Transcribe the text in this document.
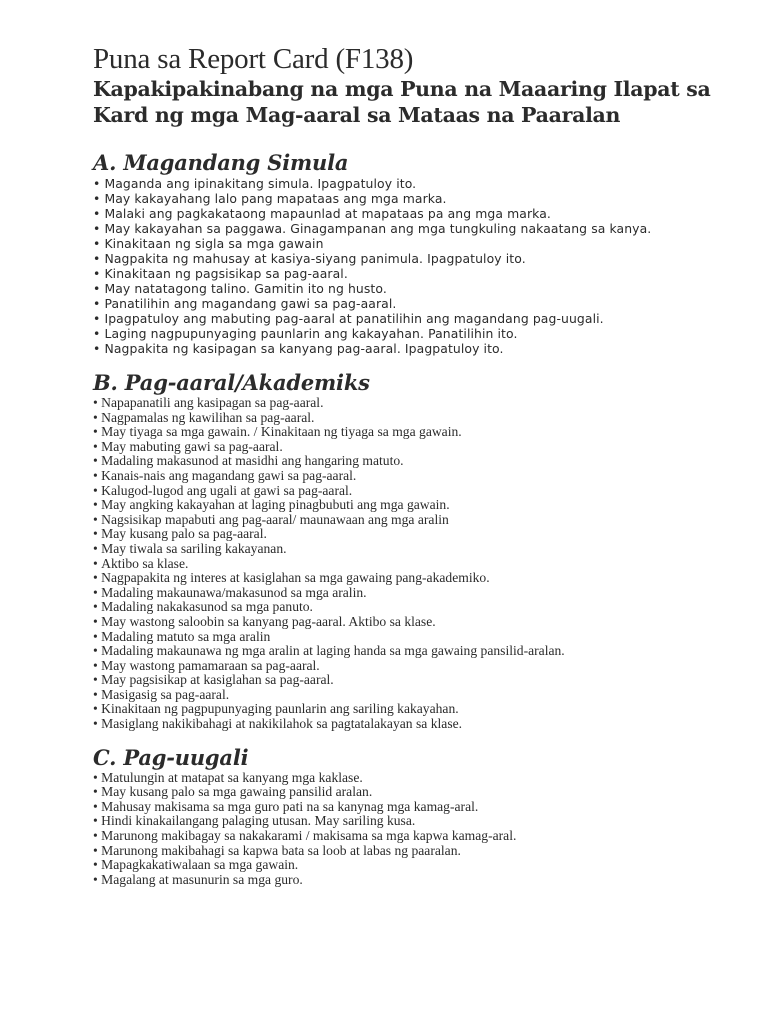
Puna sa Report Card (F138)
Kapakipakinabang na mga Puna na Maaaring Ilapat sa Kard ng mga Mag-aaral sa Mataas na Paaralan
A. Magandang Simula
• Maganda ang ipinakitang simula. Ipagpatuloy ito.
• May kakayahang lalo pang mapataas ang mga marka.
• Malaki ang pagkakataong mapaunlad at mapataas pa ang mga marka.
• May kakayahan sa paggawa. Ginagampanan ang mga tungkuling nakaatang sa kanya.
• Kinakitaan ng sigla sa mga gawain
• Nagpakita ng mahusay at kasiya-siyang panimula. Ipagpatuloy ito.
• Kinakitaan ng pagsisikap sa pag-aaral.
• May natatagong talino. Gamitin ito ng husto.
• Panatilihin ang magandang gawi sa pag-aaral.
• Ipagpatuloy ang mabuting pag-aaral at panatilihin ang magandang pag-uugali.
• Laging nagpupunyaging paunlarin ang kakayahan. Panatilihin ito.
• Nagpakita ng kasipagan sa kanyang pag-aaral. Ipagpatuloy ito.
B. Pag-aaral/Akademiks
• Napapanatili ang kasipagan sa pag-aaral.
• Nagpamalas ng kawilihan sa pag-aaral.
• May tiyaga sa mga gawain. / Kinakitaan ng tiyaga sa mga gawain.
• May mabuting gawi sa pag-aaral.
• Madaling makasunod at masidhi ang hangaring matuto.
• Kanais-nais ang magandang gawi sa pag-aaral.
• Kalugod-lugod ang ugali at gawi sa pag-aaral.
• May angking kakayahan at laging pinagbubuti ang mga gawain.
• Nagsisikap mapabuti ang pag-aaral/ maunawaan ang mga aralin
• May kusang palo sa pag-aaral.
• May tiwala sa sariling kakayanan.
• Aktibo sa klase.
• Nagpapakita ng interes at kasiglahan sa mga gawaing pang-akademiko.
• Madaling makaunawa/makasunod sa mga aralin.
• Madaling nakakasunod sa mga panuto.
• May wastong saloobin sa kanyang pag-aaral. Aktibo sa klase.
• Madaling matuto sa mga aralin
• Madaling makaunawa ng mga aralin at laging handa sa mga gawaing pansilid-aralan.
• May wastong pamamaraan sa pag-aaral.
• May pagsisikap at kasiglahan sa pag-aaral.
• Masigasig sa pag-aaral.
• Kinakitaan ng pagpupunyaging paunlarin ang sariling kakayahan.
• Masiglang nakikibahagi at nakikilahok sa pagtatalakayan sa klase.
C. Pag-uugali
• Matulungin at matapat sa kanyang mga kaklase.
• May kusang palo sa mga gawaing pansilid aralan.
• Mahusay makisama sa mga guro pati na sa kanynag mga kamag-aral.
• Hindi kinakailangang palaging utusan. May sariling kusa.
• Marunong makibagay sa nakakarami / makisama sa mga kapwa kamag-aral.
• Marunong makibahagi sa kapwa bata sa loob at labas ng paaralan.
• Mapagkakatiwalaan sa mga gawain.
• Magalang at masunurin sa mga guro.
